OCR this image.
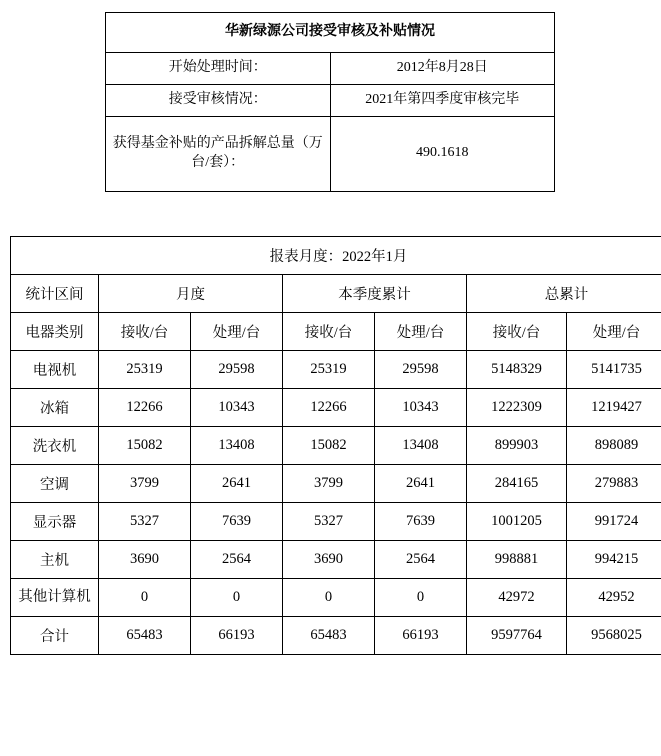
华新绿源公司接受审核及补贴情况	
开始处理时间：	2012年8月28日
接受审核情况：	2021年第四季度审核完毕
获得基金补贴的产品拆解总量（万台/套）：	490.1618
报表月度：2022年1月						
统计区间	月度		本季度累计		总累计	
电器类别	接收/台	处理/台	接收/台	处理/台	接收/台	处理/台
电视机	25319	29598	25319	29598	5148329	5141735
冰箱	12266	10343	12266	10343	1222309	1219427
洗衣机	15082	13408	15082	13408	899903	898089
空调	3799	2641	3799	2641	284165	279883
显示器	5327	7639	5327	7639	1001205	991724
主机	3690	2564	3690	2564	998881	994215
其他计算机	0	0	0	0	42972	42952
合计	65483	66193	65483	66193	9597764	9568025
